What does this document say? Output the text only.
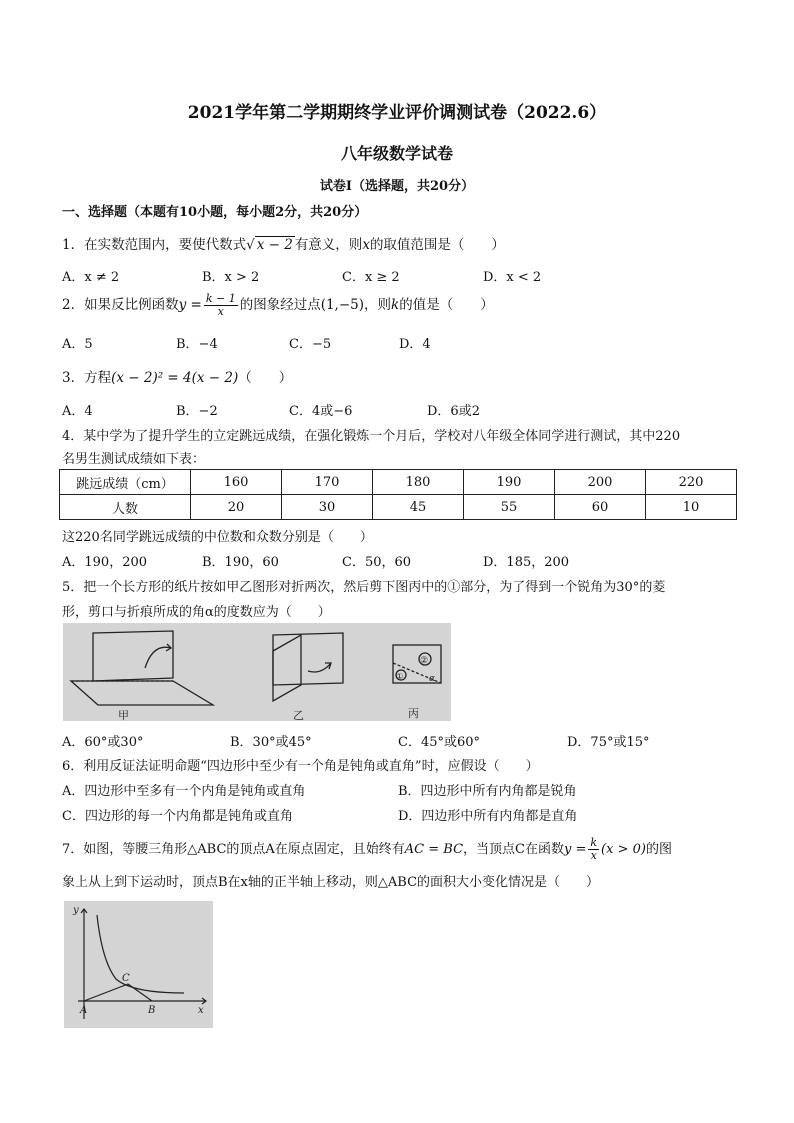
2021学年第二学期期终学业评价调测试卷（2022.6）
八年级数学试卷
试卷Ⅰ（选择题，共20分）
一、选择题（本题有10小题，每小题2分，共20分）
1．在实数范围内，要使代数式√ x − 2 有意义，则x的取值范围是（　　）
A．x ≠ 2	B．x > 2	C．x ≥ 2	D．x < 2
2．如果反比例函数$y = \frac{k - 1}{x}$ 的图象经过点(1,−5)，则k的值是（　　）
A．5	B．−4	C．−5	D．4
3．方程(x − 2)² = 4(x − 2)（　　）
A．4	B．−2	C．4或−6	D．6或2
4．某中学为了提升学生的立定跳远成绩，在强化锻炼一个月后，学校对八年级全体同学进行测试，其中220
名男生测试成绩如下表：
跳远成绩（cm）	160	170	180	190	200	220
人数	20	30	45	55	60	10
这220名同学跳远成绩的中位数和众数分别是（　　）
A．190，200	B．190，60	C．50，60	D．185，200
5．把一个长方形的纸片按如甲乙图形对折两次，然后剪下图丙中的①部分，为了得到一个锐角为30°的菱
形，剪口与折痕所成的角α的度数应为（　　）
甲	乙	丙
②
①	α
A．60°或30°	B．30°或45°	C．45°或60°	D．75°或15°
6．利用反证法证明命题“四边形中至少有一个角是钝角或直角”时，应假设（　　）
A．四边形中至多有一个内角是钝角或直角	B．四边形中所有内角都是锐角
C．四边形的每一个内角都是钝角或直角	D．四边形中所有内角都是直角
7．如图，等腰三角形△ABC的顶点A在原点固定，且始终有AC = BC，当顶点C在函数$y = \frac{k}{x} (x > 0)$的图
象上从上到下运动时，顶点B在x轴的正半轴上移动，则△ABC的面积大小变化情况是（　　）
y
x
A	B
C
